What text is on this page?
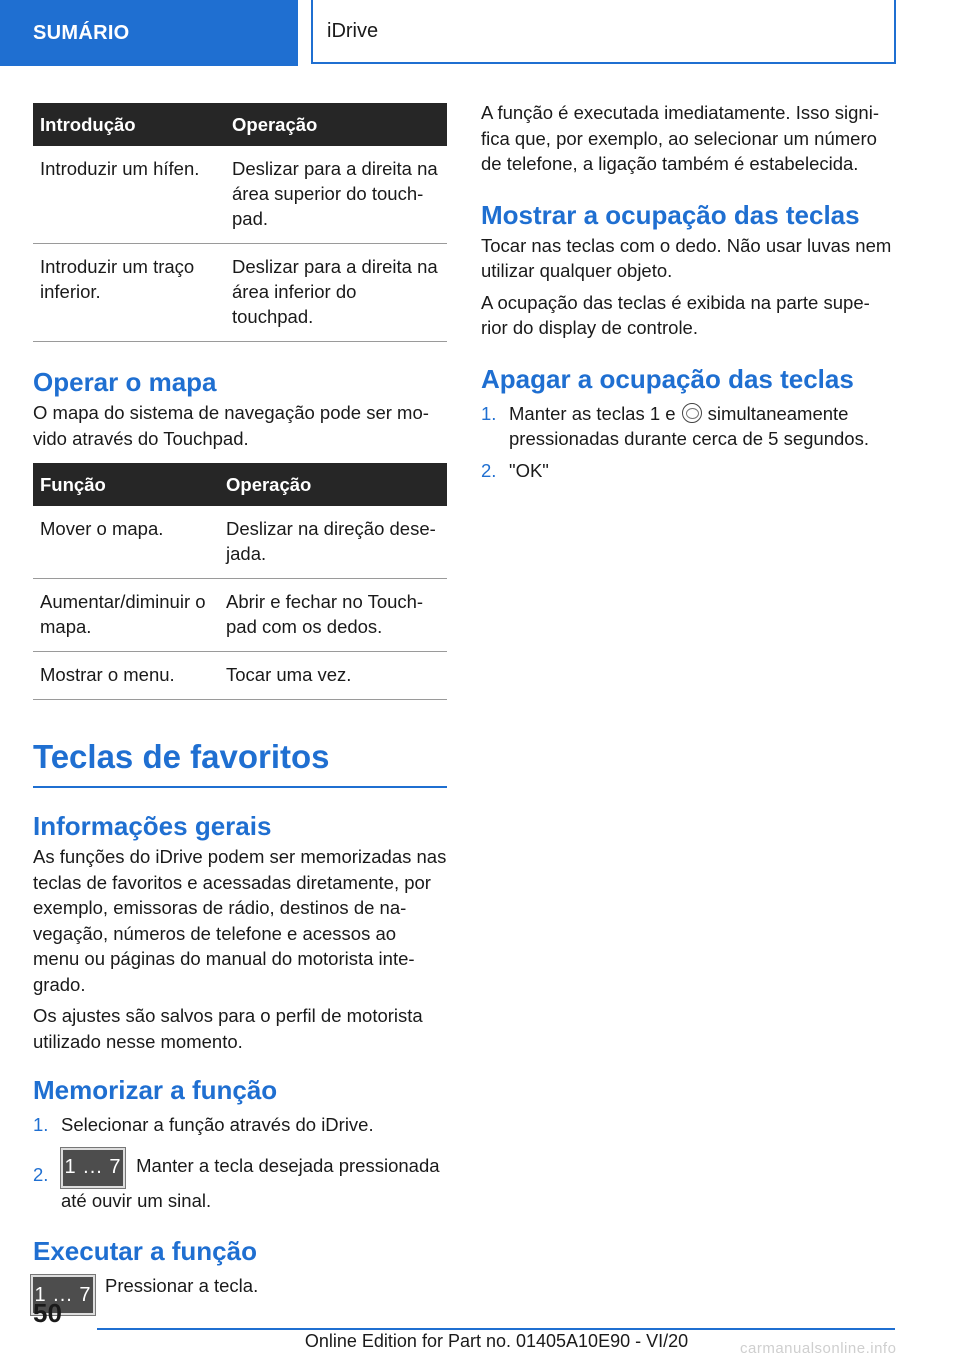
SUMÁRIO	iDrive
Introdução	Operação
Introduzir um hífen.	Deslizar para a direita na área superior do touch-pad.
Introduzir um traço inferior.	Deslizar para a direita na área inferior do touchpad.
Operar o mapa

O mapa do sistema de navegação pode ser mo-vido através do Touchpad.

Função	Operação
Mover o mapa.	Deslizar na direção dese-jada.
Aumentar/diminuir o mapa.	Abrir e fechar no Touch-pad com os dedos.
Mostrar o menu.	Tocar uma vez.
Teclas de favoritos
Informações gerais

As funções do iDrive podem ser memorizadas nas teclas de favoritos e acessadas diretamente, por exemplo, emissoras de rádio, destinos de na-vegação, números de telefone e acessos ao menu ou páginas do manual do motorista inte-grado.

Os ajustes são salvos para o perfil de motorista utilizado nesse momento.

Memorizar a função
1. Selecionar a função através do iDrive.
2. 1 ... 7 Manter a tecla desejada pressionada até ouvir um sinal.
Executar a função
1 ... 7 Pressionar a tecla.

A função é executada imediatamente. Isso signi-fica que, por exemplo, ao selecionar um número de telefone, a ligação também é estabelecida.

Mostrar a ocupação das teclas

Tocar nas teclas com o dedo. Não usar luvas nem utilizar qualquer objeto.

A ocupação das teclas é exibida na parte supe-rior do display de controle.

Apagar a ocupação das teclas
1. Manter as teclas 1 e simultaneamente pressionadas durante cerca de 5 segundos.
2. "OK"
50
Online Edition for Part no. 01405A10E90 - VI/20	carmanualsonline.info
